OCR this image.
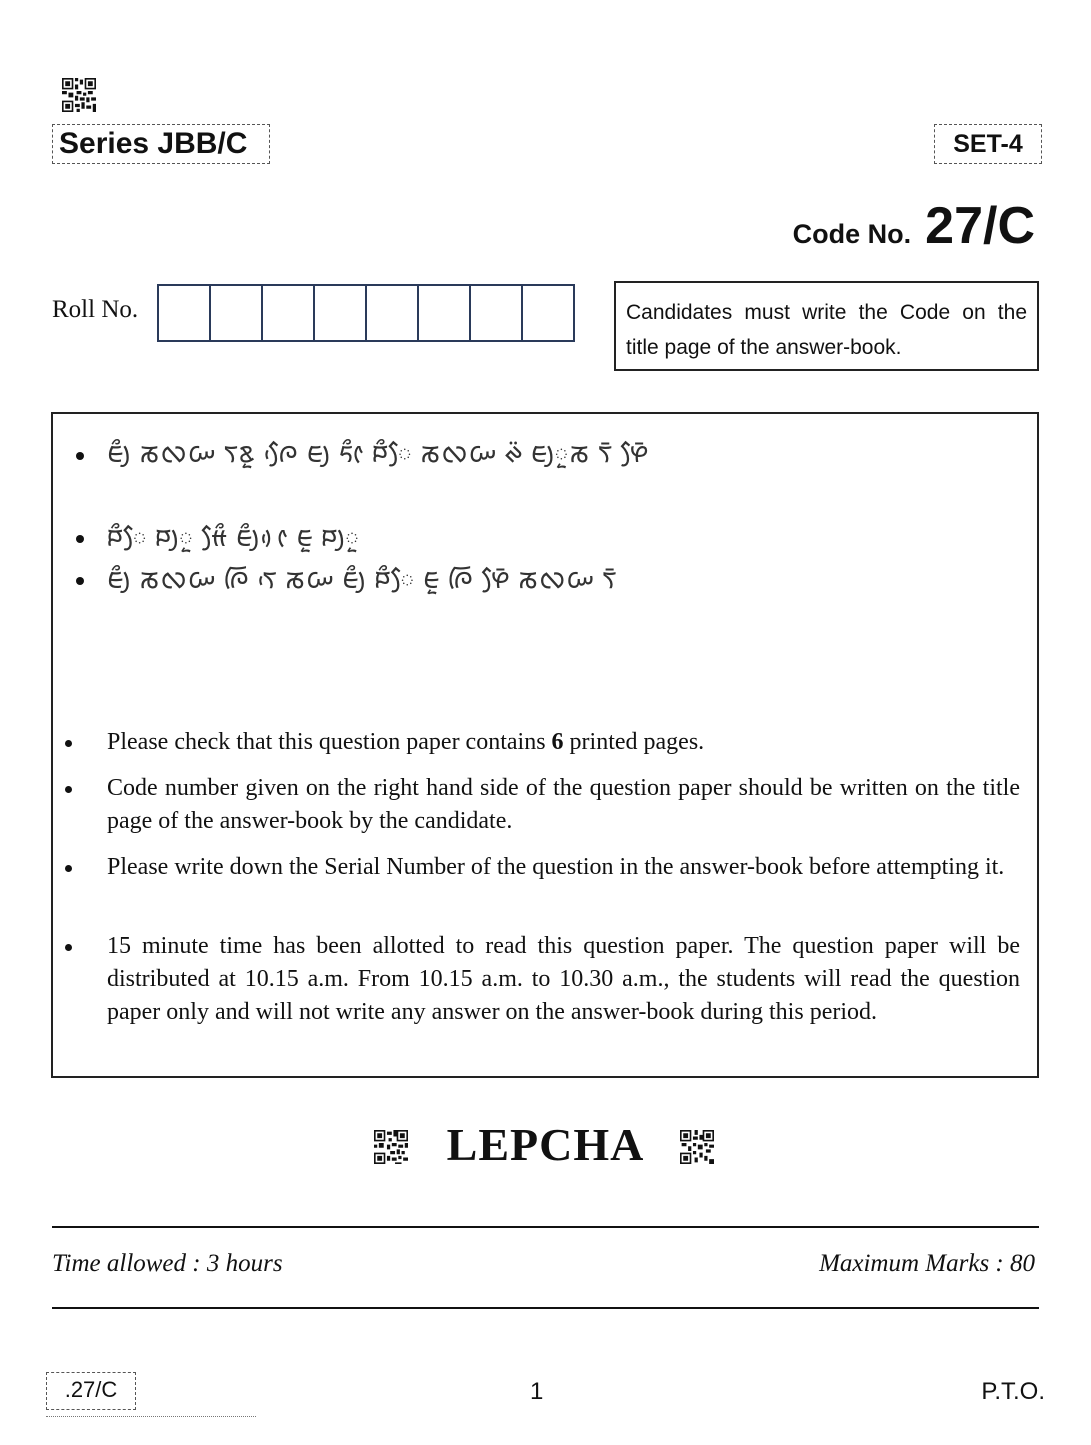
Series JBB/C	SET-4
Code No. 27/C
Roll No.	Candidates must write the Code on the title page of the answer-book.
ᰀᰪᰰ ᰕᰜᰠ ᰛᰣᰬ ᰍᰧᰵ ᰀᰪ ᰁᰦᰰ ᰐᰰᰧ ᰕᰜᰠ ᰊᰮ ᰀᰪᰬᰕ ᰛᰳ ᰋᰧᰳ
ᰐᰰᰧ ᰐᰪᰬ ᰙᰧᰰ ᰀᰪᰰ ᰦᰴ ᰀᰬ ᰐᰪᰬ
ᰀᰪᰰ ᰕᰜᰠ ᰍᰩ ᰛᰵ ᰕᰠ ᰀᰪᰰ ᰐᰰᰧ ᰀᰬ ᰍᰩ ᰋᰧᰳ ᰕᰜᰠ ᰛᰳ
Please check that this question paper contains 6 printed pages.
Code number given on the right hand side of the question paper should be written on the title page of the answer-book by the candidate.
Please write down the Serial Number of the question in the answer-book before attempting it.
15 minute time has been allotted to read this question paper. The question paper will be distributed at 10.15 a.m. From 10.15 a.m. to 10.30 a.m., the students will read the question paper only and will not write any answer on the answer-book during this period.
LEPCHA
Time allowed : 3 hours	Maximum Marks : 80
.27/C	1	P.T.O.
